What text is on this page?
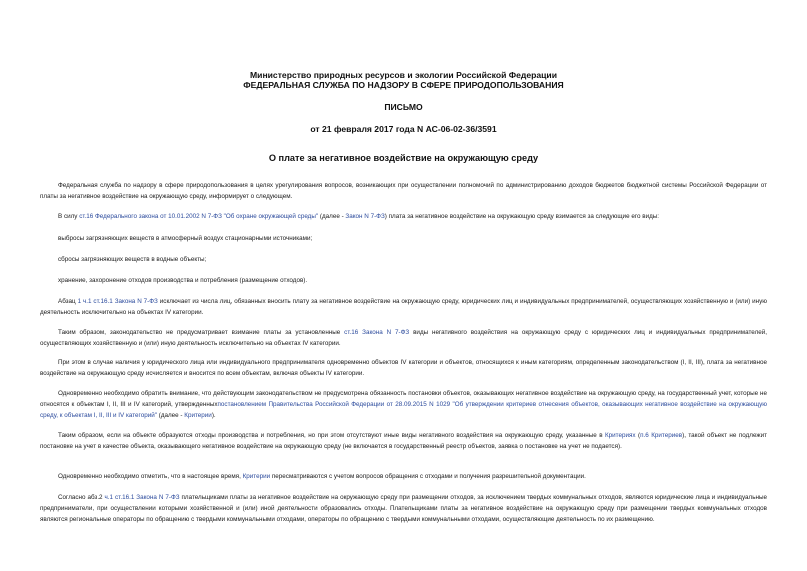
Министерство природных ресурсов и экологии Российской Федерации
ФЕДЕРАЛЬНАЯ СЛУЖБА ПО НАДЗОРУ В СФЕРЕ ПРИРОДОПОЛЬЗОВАНИЯ
ПИСЬМО
от 21 февраля 2017 года N АС-06-02-36/3591
О плате за негативное воздействие на окружающую среду

Федеральная служба по надзору в сфере природопользования в целях урегулирования вопросов, возникающих при осуществлении полномочий по администрированию доходов бюджетов бюджетной системы Российской Федерации от платы за негативное воздействие на окружающую среду, информирует о следующем.

В силу ст.16 Федерального закона от 10.01.2002 N 7-ФЗ "Об охране окружающей среды" (далее - Закон N 7-ФЗ) плата за негативное воздействие на окружающую среду взимается за следующие его виды:

выбросы загрязняющих веществ в атмосферный воздух стационарными источниками;

сбросы загрязняющих веществ в водные объекты;

хранение, захоронение отходов производства и потребления (размещение отходов).

Абзац 1 ч.1 ст.16.1 Закона N 7-ФЗ исключает из числа лиц, обязанных вносить плату за негативное воздействие на окружающую среду, юридических лиц и индивидуальных предпринимателей, осуществляющих хозяйственную и (или) иную деятельность исключительно на объектах IV категории.

Таким образом, законодательство не предусматривает взимание платы за установленные ст.16 Закона N 7-ФЗ виды негативного воздействия на окружающую среду с юридических лиц и индивидуальных предпринимателей, осуществляющих хозяйственную и (или) иную деятельность исключительно на объектах IV категории.

При этом в случае наличия у юридического лица или индивидуального предпринимателя одновременно объектов IV категории и объектов, относящихся к иным категориям, определенным законодательством (I, II, III), плата за негативное воздействие на окружающую среду исчисляется и вносится по всем объектам, включая объекты IV категории.

Одновременно необходимо обратить внимание, что действующим законодательством не предусмотрена обязанность постановки объектов, оказывающих негативное воздействие на окружающую среду, на государственный учет, которые не относятся к объектам I, II, III и IV категорий, утвержденныхпостановлением Правительства Российской Федерации от 28.09.2015 N 1029 "Об утверждении критериев отнесения объектов, оказывающих негативное воздействие на окружающую среду, к объектам I, II, III и IV категорий" (далее - Критерии).

Таким образом, если на объекте образуются отходы производства и потребления, но при этом отсутствуют иные виды негативного воздействия на окружающую среду, указанные в Критериях (п.6 Критериев), такой объект не подлежит постановке на учет в качестве объекта, оказывающего негативное воздействие на окружающую среду (не включается в государственный реестр объектов, заявка о постановке на учет не подается).

Одновременно необходимо отметить, что в настоящее время, Критерии пересматриваются с учетом вопросов обращения с отходами и получения разрешительной документации.

Согласно абз.2 ч.1 ст.16.1 Закона N 7-ФЗ плательщиками платы за негативное воздействие на окружающую среду при размещении отходов, за исключением твердых коммунальных отходов, являются юридические лица и индивидуальные предприниматели, при осуществлении которыми хозяйственной и (или) иной деятельности образовались отходы. Плательщиками платы за негативное воздействие на окружающую среду при размещении твердых коммунальных отходов являются региональные операторы по обращению с твердыми коммунальными отходами, операторы по обращению с твердыми коммунальными отходами, осуществляющие деятельность по их размещению.
